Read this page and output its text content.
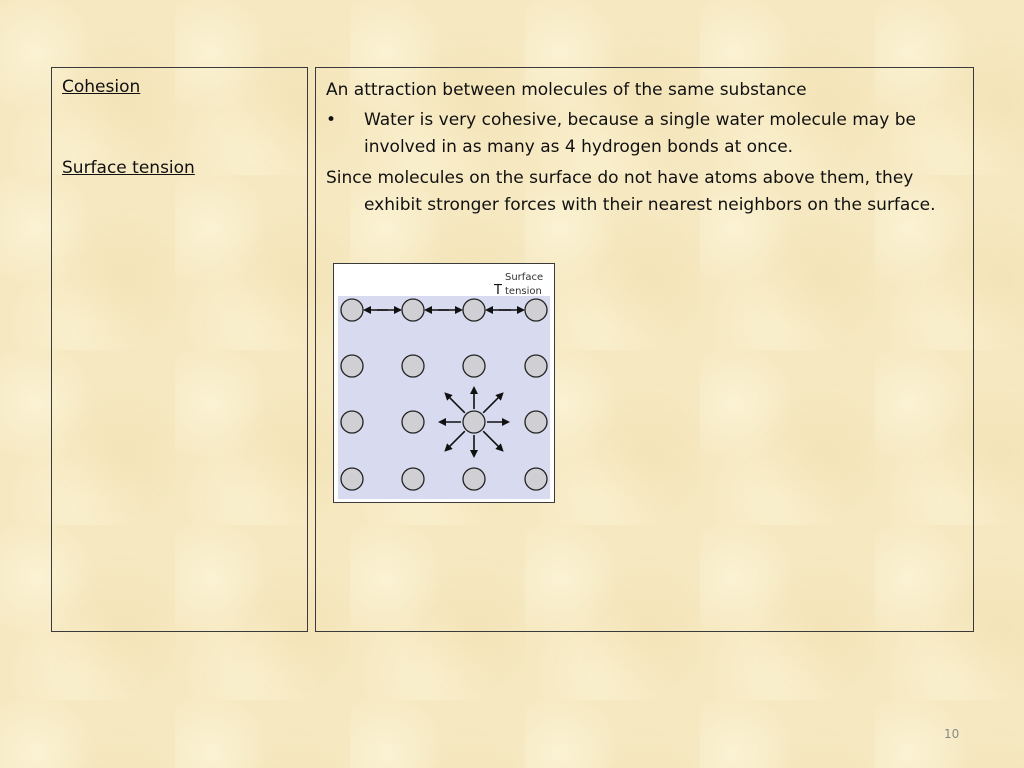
Cohesion
Surface tension

An attraction between molecules of the same substance

•	Water is very cohesive, because a single water molecule may be involved in as many as 4 hydrogen bonds at once.

Since molecules on the surface do not have atoms above them, they exhibit stronger forces with their nearest neighbors on the surface.

T
Surface
tension
10
